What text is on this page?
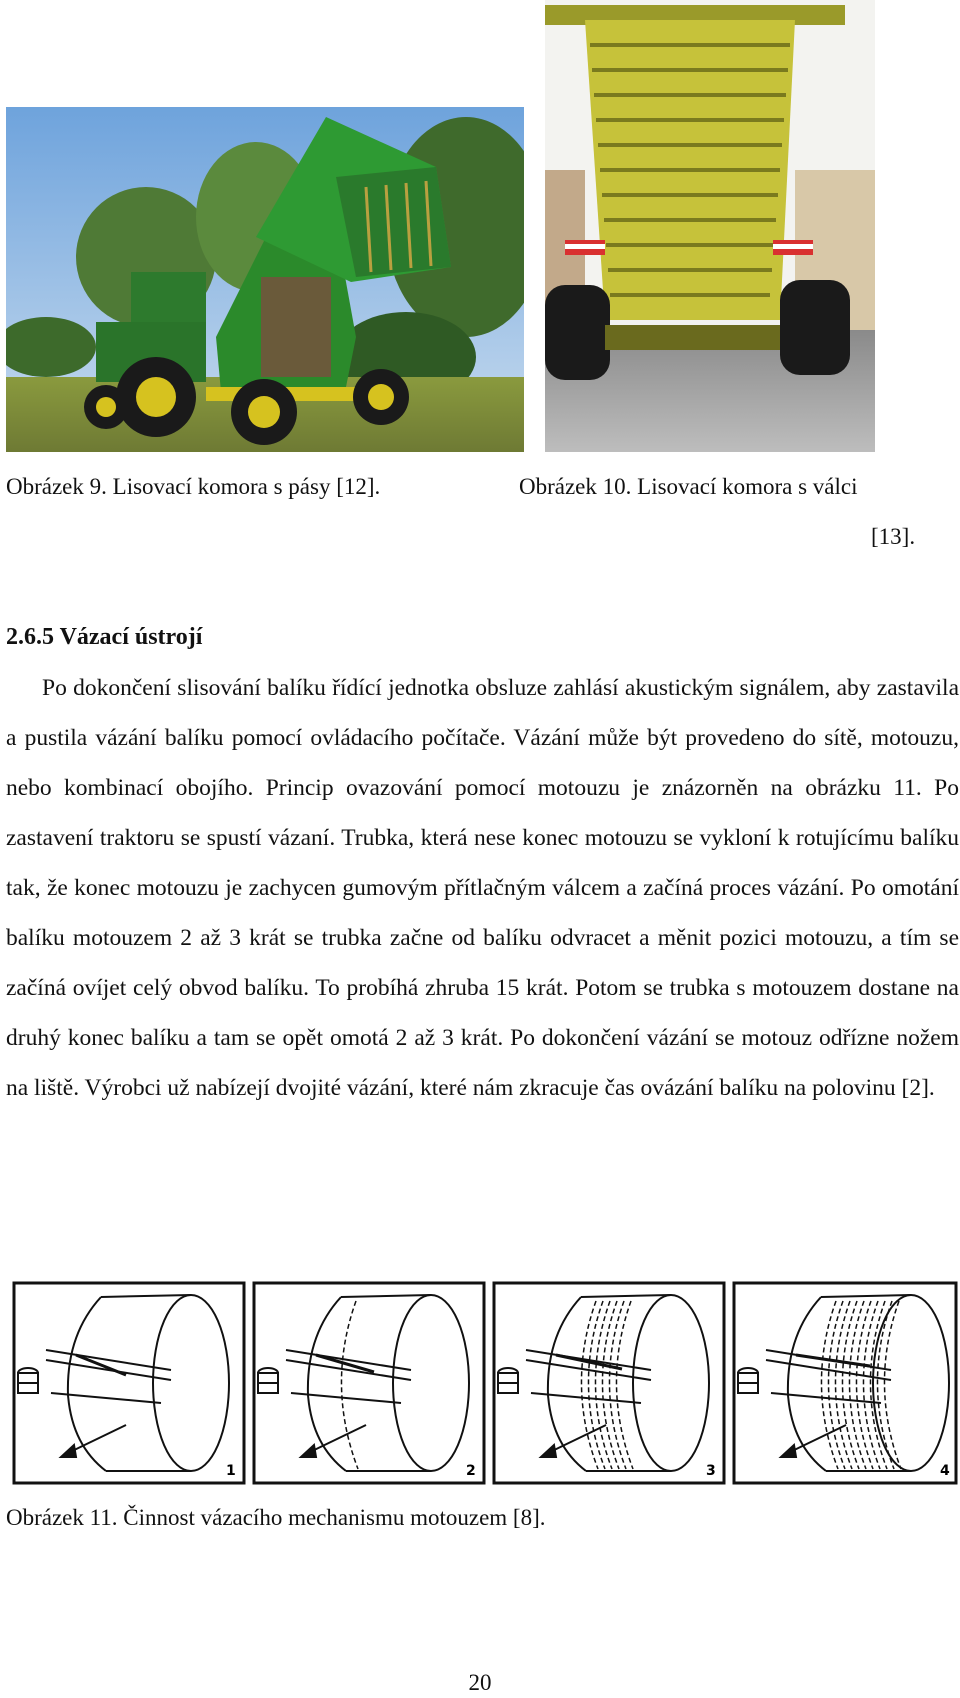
Obrázek 9. Lisovací komora s pásy [12].	Obrázek 10. Lisovací komora s válci
[13].
2.6.5 Vázací ústrojí

Po dokončení slisování balíku řídící jednotka obsluze zahlásí akustickým signálem, aby zastavila a pustila vázání balíku pomocí ovládacího počítače. Vázání může být provedeno do sítě, motouzu, nebo kombinací obojího. Princip ovazování pomocí motouzu je znázorněn na obrázku 11. Po zastavení traktoru se spustí vázaní. Trubka, která nese konec motouzu se vykloní k rotujícímu balíku tak, že konec motouzu je zachycen gumovým přítlačným válcem a začíná proces vázání. Po omotání balíku motouzem 2 až 3 krát se trubka začne od balíku odvracet a měnit pozici motouzu, a tím se začíná ovíjet celý obvod balíku. To probíhá zhruba 15 krát. Potom se trubka s motouzem dostane na druhý konec balíku a tam se opět omotá 2 až 3 krát. Po dokončení vázání se motouz odřízne nožem na liště. Výrobci už nabízejí dvojité vázání, které nám zkracuje čas ovázání balíku na polovinu [2].

1	2	3	4
Obrázek 11. Činnost vázacího mechanismu motouzem [8].
20
